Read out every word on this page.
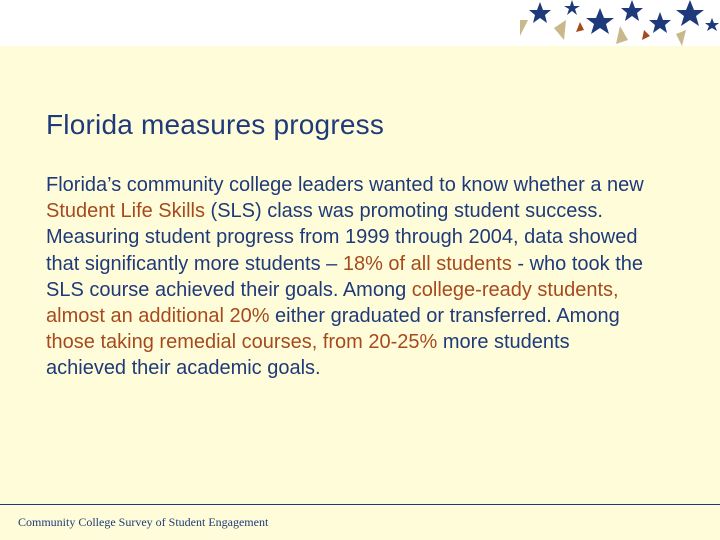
Florida measures progress

Florida’s community college leaders wanted to know whether a new Student Life Skills (SLS) class was promoting student success. Measuring student progress from 1999 through 2004, data showed that significantly more students – 18% of all students - who took the SLS course achieved their goals. Among college-ready students, almost an additional 20% either graduated or transferred. Among those taking remedial courses, from 20-25% more students achieved their academic goals.

Community College Survey of Student Engagement
